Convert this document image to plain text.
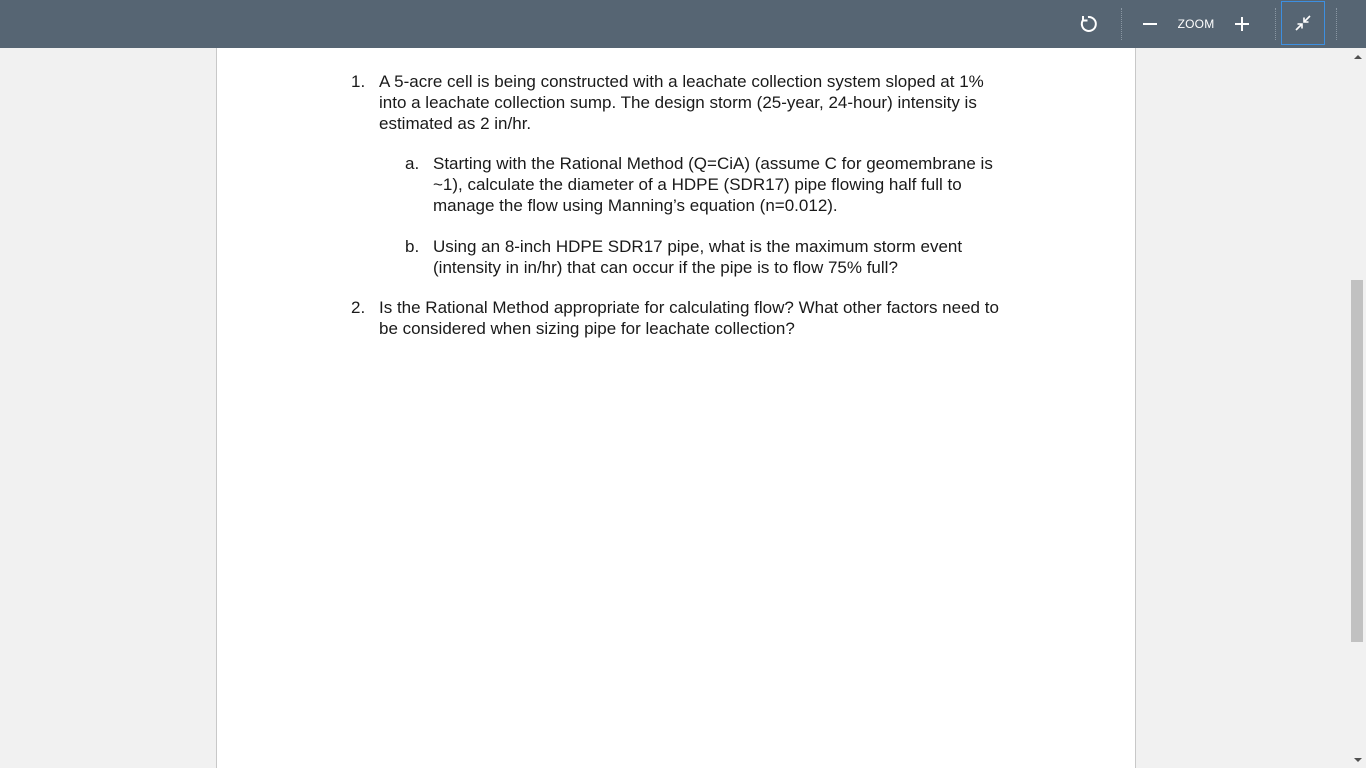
ZOOM
1. A 5-acre cell is being constructed with a leachate collection system sloped at 1% into a leachate collection sump. The design storm (25-year, 24-hour) intensity is estimated as 2 in/hr.
a. Starting with the Rational Method (Q=CiA) (assume C for geomembrane is ~1), calculate the diameter of a HDPE (SDR17) pipe flowing half full to manage the flow using Manning’s equation (n=0.012).
b. Using an 8-inch HDPE SDR17 pipe, what is the maximum storm event (intensity in in/hr) that can occur if the pipe is to flow 75% full?
2. Is the Rational Method appropriate for calculating flow? What other factors need to be considered when sizing pipe for leachate collection?
